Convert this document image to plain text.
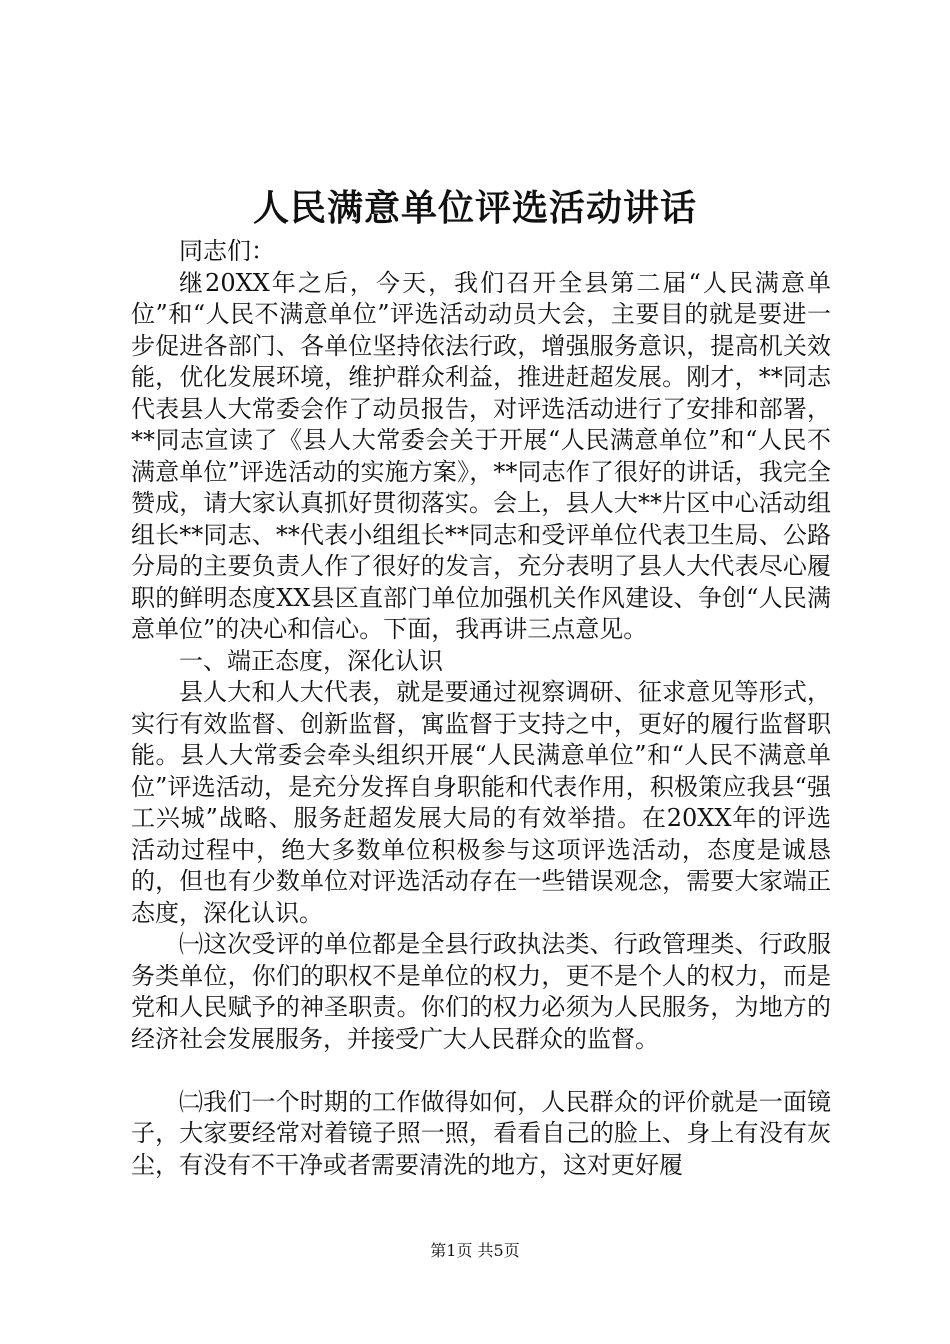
人民满意单位评选活动讲话

同志们：

继20XX年之后，今天，我们召开全县第二届“人民满意单位”和“人民不满意单位”评选活动动员大会，主要目的就是要进一步促进各部门、各单位坚持依法行政，增强服务意识，提高机关效能，优化发展环境，维护群众利益，推进赶超发展。刚才，**同志代表县人大常委会作了动员报告，对评选活动进行了安排和部署，**同志宣读了《县人大常委会关于开展“人民满意单位”和“人民不满意单位”评选活动的实施方案》，**同志作了很好的讲话，我完全赞成，请大家认真抓好贯彻落实。会上，县人大**片区中心活动组组长**同志、**代表小组组长**同志和受评单位代表卫生局、公路分局的主要负责人作了很好的发言，充分表明了县人大代表尽心履职的鲜明态度XX县区直部门单位加强机关作风建设、争创“人民满意单位”的决心和信心。下面，我再讲三点意见。

一、端正态度，深化认识

县人大和人大代表，就是要通过视察调研、征求意见等形式，实行有效监督、创新监督，寓监督于支持之中，更好的履行监督职能。县人大常委会牵头组织开展“人民满意单位”和“人民不满意单位”评选活动，是充分发挥自身职能和代表作用，积极策应我县“强工兴城”战略、服务赶超发展大局的有效举措。在20XX年的评选活动过程中，绝大多数单位积极参与这项评选活动，态度是诚恳的，但也有少数单位对评选活动存在一些错误观念，需要大家端正态度，深化认识。

㈠这次受评的单位都是全县行政执法类、行政管理类、行政服务类单位，你们的职权不是单位的权力，更不是个人的权力，而是党和人民赋予的神圣职责。你们的权力必须为人民服务，为地方的经济社会发展服务，并接受广大人民群众的监督。

㈡我们一个时期的工作做得如何，人民群众的评价就是一面镜子，大家要经常对着镜子照一照，看看自己的脸上、身上有没有灰尘，有没有不干净或者需要清洗的地方，这对更好履

第1页 共5页
